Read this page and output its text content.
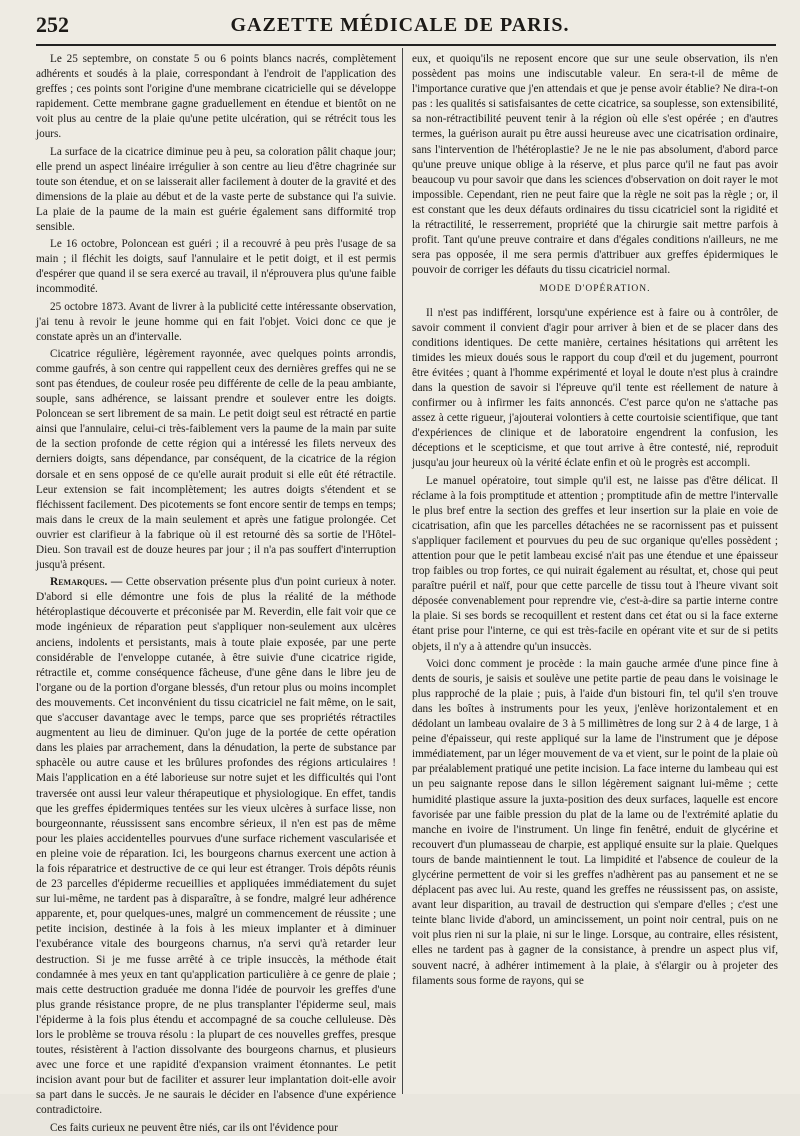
252	GAZETTE MÉDICALE DE PARIS.

Le 25 septembre, on constate 5 ou 6 points blancs nacrés, complètement adhérents et soudés à la plaie, correspondant à l'endroit de l'application des greffes ; ces points sont l'origine d'une membrane cicatricielle qui se développe rapidement. Cette membrane gagne graduellement en étendue et bientôt on ne voit plus au centre de la plaie qu'une petite ulcération, qui se rétrécit tous les jours.

La surface de la cicatrice diminue peu à peu, sa coloration pâlit chaque jour; elle prend un aspect linéaire irrégulier à son centre au lieu d'être chagrinée sur toute son étendue, et on se laisserait aller facilement à douter de la gravité et des dimensions de la plaie au début et de la vaste perte de substance qui l'a suivie. La plaie de la paume de la main est guérie également sans difformité trop sensible.

Le 16 octobre, Poloncean est guéri ; il a recouvré à peu près l'usage de sa main ; il fléchit les doigts, sauf l'annulaire et le petit doigt, et il est permis d'espérer que quand il se sera exercé au travail, il n'éprouvera plus qu'une faible incommodité.

25 octobre 1873. Avant de livrer à la publicité cette intéressante observation, j'ai tenu à revoir le jeune homme qui en fait l'objet. Voici donc ce que je constate après un an d'intervalle.

Cicatrice régulière, légèrement rayonnée, avec quelques points arrondis, comme gaufrés, à son centre qui rappellent ceux des dernières greffes qui ne se sont pas étendues, de couleur rosée peu différente de celle de la peau ambiante, souple, sans adhérence, se laissant prendre et soulever entre les doigts. Poloncean se sert librement de sa main. Le petit doigt seul est rétracté en partie ainsi que l'annulaire, celui-ci très-faiblement vers la paume de la main par suite de la section profonde de cette région qui a intéressé les filets nerveux des derniers doigts, sans dépendance, par conséquent, de la cicatrice de la région dorsale et en sens opposé de ce qu'elle aurait produit si elle eût été rétractile. Leur extension se fait incomplètement; les autres doigts s'étendent et se fléchissent facilement. Des picotements se font encore sentir de temps en temps; mais dans le creux de la main seulement et après une fatigue prolongée. Cet ouvrier est clarifieur à la fabrique où il est retourné dès sa sortie de l'Hôtel-Dieu. Son travail est de douze heures par jour ; il n'a pas souffert d'interruption jusqu'à présent.

Remarques. — Cette observation présente plus d'un point curieux à noter. D'abord si elle démontre une fois de plus la réalité de la méthode hétéroplastique découverte et préconisée par M. Reverdin, elle fait voir que ce mode ingénieux de réparation peut s'appliquer non-seulement aux ulcères anciens, indolents et persistants, mais à toute plaie exposée, par une perte considérable de l'enveloppe cutanée, à être suivie d'une cicatrice rigide, rétractile et, comme conséquence fâcheuse, d'une gêne dans le libre jeu de l'organe ou de la portion d'organe blessés, d'un retour plus ou moins incomplet des mouvements. Cet inconvénient du tissu cicatriciel ne fait même, on le sait, que s'accuser davantage avec le temps, parce que ses propriétés rétractiles augmentent au lieu de diminuer. Qu'on juge de la portée de cette opération dans les plaies par arrachement, dans la dénudation, la perte de substance par sphacèle ou autre cause et les brûlures profondes des régions articulaires ! Mais l'application en a été laborieuse sur notre sujet et les difficultés qui l'ont traversée ont aussi leur valeur thérapeutique et physiologique. En effet, tandis que les greffes épidermiques tentées sur les vieux ulcères à surface lisse, non bourgeonnante, réussissent sans encombre sérieux, il n'en est pas de même pour les plaies accidentelles pourvues d'une surface richement vascularisée et en pleine voie de réparation. Ici, les bourgeons charnus exercent une action à la fois réparatrice et destructive de ce qui leur est étranger. Trois dépôts réunis de 23 parcelles d'épiderme recueillies et appliquées immédiatement du sujet sur lui-même, ne tardent pas à disparaître, à se fondre, malgré leur adhérence apparente, et, pour quelques-unes, malgré un commencement de réussite ; une petite incision, destinée à la fois à les mieux implanter et à diminuer l'exubérance vitale des bourgeons charnus, n'a servi qu'à retarder leur destruction. Si je me fusse arrêté à ce triple insuccès, la méthode était condamnée à mes yeux en tant qu'application particulière à ce genre de plaie ; mais cette destruction graduée me donna l'idée de pourvoir les greffes d'une plus grande résistance propre, de ne plus transplanter l'épiderme seul, mais l'épiderme à la fois plus étendu et accompagné de sa couche celluleuse. Dès lors le problème se trouva résolu : la plupart de ces nouvelles greffes, presque toutes, résistèrent à l'action dissolvante des bourgeons charnus, et plusieurs avec une force et une rapidité d'expansion vraiment étonnantes. Le petit incision avant pour but de faciliter et assurer leur implantation doit-elle avoir sa part dans le succès. Je ne saurais le décider en l'absence d'une expérience contradictoire.

Ces faits curieux ne peuvent être niés, car ils ont l'évidence pour

eux, et quoiqu'ils ne reposent encore que sur une seule observation, ils n'en possèdent pas moins une indiscutable valeur. En sera-t-il de même de l'importance curative que j'en attendais et que je pense avoir établie? Ne dira-t-on pas : les qualités si satisfaisantes de cette cicatrice, sa souplesse, son extensibilité, sa non-rétractibilité peuvent tenir à la région où elle s'est opérée ; en d'autres termes, la guérison aurait pu être aussi heureuse avec une cicatrisation ordinaire, sans l'intervention de l'hétéroplastie? Je ne le nie pas absolument, d'abord parce qu'une preuve unique oblige à la réserve, et plus parce qu'il ne faut pas avoir beaucoup vu pour savoir que dans les sciences d'observation on doit rayer le mot impossible. Cependant, rien ne peut faire que la règle ne soit pas la règle ; or, il est constant que les deux défauts ordinaires du tissu cicatriciel sont la rigidité et la rétractilité, le resserrement, propriété que la chirurgie sait mettre parfois à profit. Tant qu'une preuve contraire et dans d'égales conditions n'ailleurs, ne me sera pas opposée, il me sera permis d'attribuer aux greffes épidermiques le pouvoir de corriger les défauts du tissu cicatriciel normal.

MODE D'OPÉRATION.

Il n'est pas indifférent, lorsqu'une expérience est à faire ou à contrôler, de savoir comment il convient d'agir pour arriver à bien et de se placer dans des conditions identiques. De cette manière, certaines hésitations qui arrêtent les timides les mieux doués sous le rapport du coup d'œil et du jugement, pourront être évitées ; quant à l'homme expérimenté et loyal le doute n'est plus à craindre dans la question de savoir si l'épreuve qu'il tente est réellement de nature à confirmer ou à infirmer les faits annoncés. C'est parce qu'on ne s'attache pas assez à cette rigueur, j'ajouterai volontiers à cette courtoisie scientifique, que tant d'expériences de clinique et de laboratoire engendrent la confusion, les déceptions et le scepticisme, et que tout arrive à être contesté, nié, reproduit jusqu'au jour heureux où la vérité éclate enfin et où le progrès est accompli.

Le manuel opératoire, tout simple qu'il est, ne laisse pas d'être délicat. Il réclame à la fois promptitude et attention ; promptitude afin de mettre l'intervalle le plus bref entre la section des greffes et leur insertion sur la plaie en voie de cicatrisation, afin que les parcelles détachées ne se racornissent pas et puissent s'appliquer facilement et pourvues du peu de suc organique qu'elles possèdent ; attention pour que le petit lambeau excisé n'ait pas une étendue et une épaisseur trop faibles ou trop fortes, ce qui nuirait également au résultat, et, chose qui peut paraître puéril et naïf, pour que cette parcelle de tissu tout à l'heure vivant soit déposée convenablement pour reprendre vie, c'est-à-dire sa partie interne contre la plaie. Si ses bords se recoquillent et restent dans cet état ou si la face externe étant prise pour l'interne, ce qui est très-facile en opérant vite et sur de si petits objets, il n'y a à attendre qu'un insuccès.

Voici donc comment je procède : la main gauche armée d'une pince fine à dents de souris, je saisis et soulève une petite partie de peau dans le voisinage le plus rapproché de la plaie ; puis, à l'aide d'un bistouri fin, tel qu'il s'en trouve dans les boîtes à instruments pour les yeux, j'enlève horizontalement et en dédolant un lambeau ovalaire de 3 à 5 millimètres de long sur 2 à 4 de large, 1 à peine d'épaisseur, qui reste appliqué sur la lame de l'instrument que je dépose immédiatement, par un léger mouvement de va et vient, sur le point de la plaie où par préalablement pratiqué une petite incision. La face interne du lambeau qui est un peu saignante repose dans le sillon légèrement saignant lui-même ; cette humidité plastique assure la juxta-position des deux surfaces, laquelle est encore favorisée par une faible pression du plat de la lame ou de l'extrémité aplatie du manche en ivoire de l'instrument. Un linge fin fenêtré, enduit de glycérine et recouvert d'un plumasseau de charpie, est appliqué ensuite sur la plaie. Quelques tours de bande maintiennent le tout. La limpidité et l'absence de couleur de la glycérine permettent de voir si les greffes n'adhèrent pas au pansement et ne se déplacent pas avec lui. Au reste, quand les greffes ne réussissent pas, on assiste, avant leur disparition, au travail de destruction qui s'empare d'elles ; c'est une teinte blanc livide d'abord, un amincissement, un point noir central, puis on ne voit plus rien ni sur la plaie, ni sur le linge. Lorsque, au contraire, elles résistent, elles ne tardent pas à gagner de la consistance, à prendre un aspect plus vif, souvent nacré, à adhérer intimement à la plaie, à s'élargir ou à projeter des filaments sous forme de rayons, qui se
